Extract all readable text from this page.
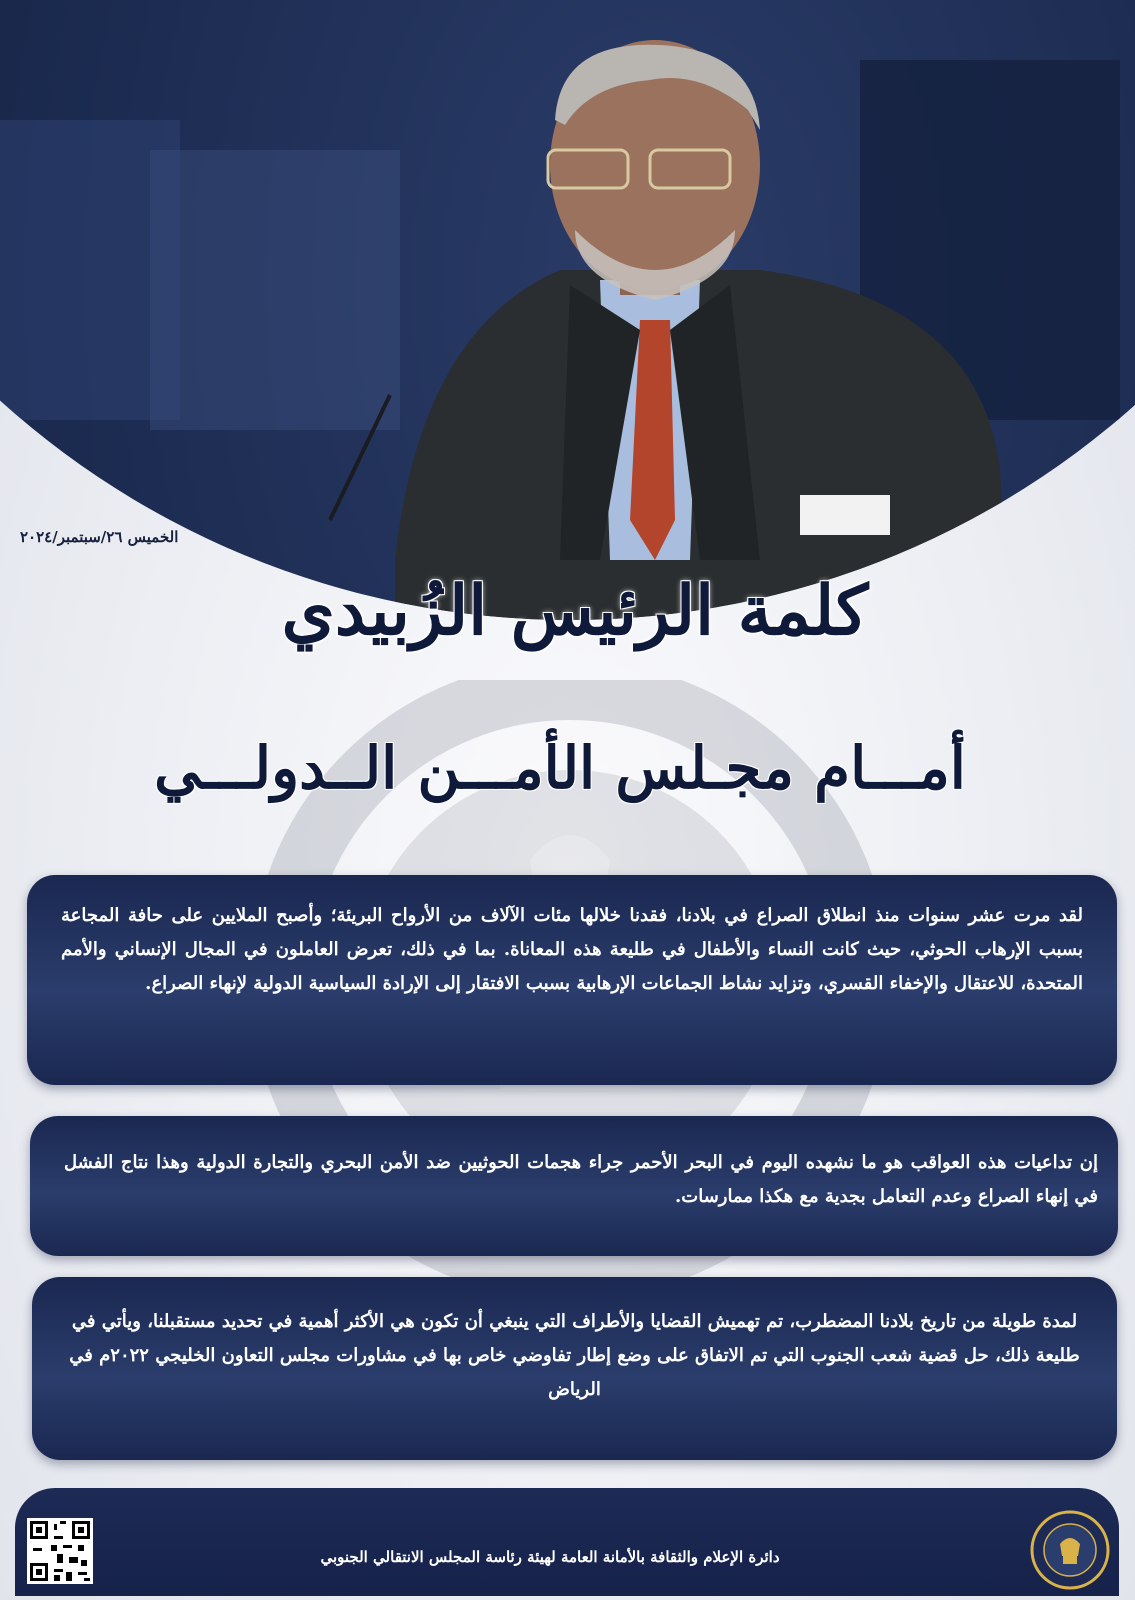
الخميس ٢٦/سبتمبر/٢٠٢٤
كلمة الرئيس الزُبيدي
أمـــام مجـلس الأمـــن الــدولـــي
لقد مرت عشر سنوات منذ انطلاق الصراع في بلادنا، فقدنا خلالها مئات الآلاف من الأرواح البريئة؛ وأصبح الملايين على حافة المجاعة بسبب الإرهاب الحوثي، حيث كانت النساء والأطفال في طليعة هذه المعاناة. بما في ذلك، تعرض العاملون في المجال الإنساني والأمم المتحدة، للاعتقال والإخفاء القسري، وتزايد نشاط الجماعات الإرهابية بسبب الافتقار إلى الإرادة السياسية الدولية لإنهاء الصراع.
إن تداعيات هذه العواقب هو ما نشهده اليوم في البحر الأحمر جراء هجمات الحوثيين ضد الأمن البحري والتجارة الدولية وهذا نتاج الفشل في إنهاء الصراع وعدم التعامل بجدية مع هكذا ممارسات.
لمدة طويلة من تاريخ بلادنا المضطرب، تم تهميش القضايا والأطراف التي ينبغي أن تكون هي الأكثر أهمية في تحديد مستقبلنا، ويأتي في طليعة ذلك، حل قضية شعب الجنوب التي تم الاتفاق على وضع إطار تفاوضي خاص بها في مشاورات مجلس التعاون الخليجي ٢٠٢٢م في الرياض
دائرة الإعلام والثقافة بالأمانة العامة لهيئة رئاسة المجلس الانتقالي الجنوبي
